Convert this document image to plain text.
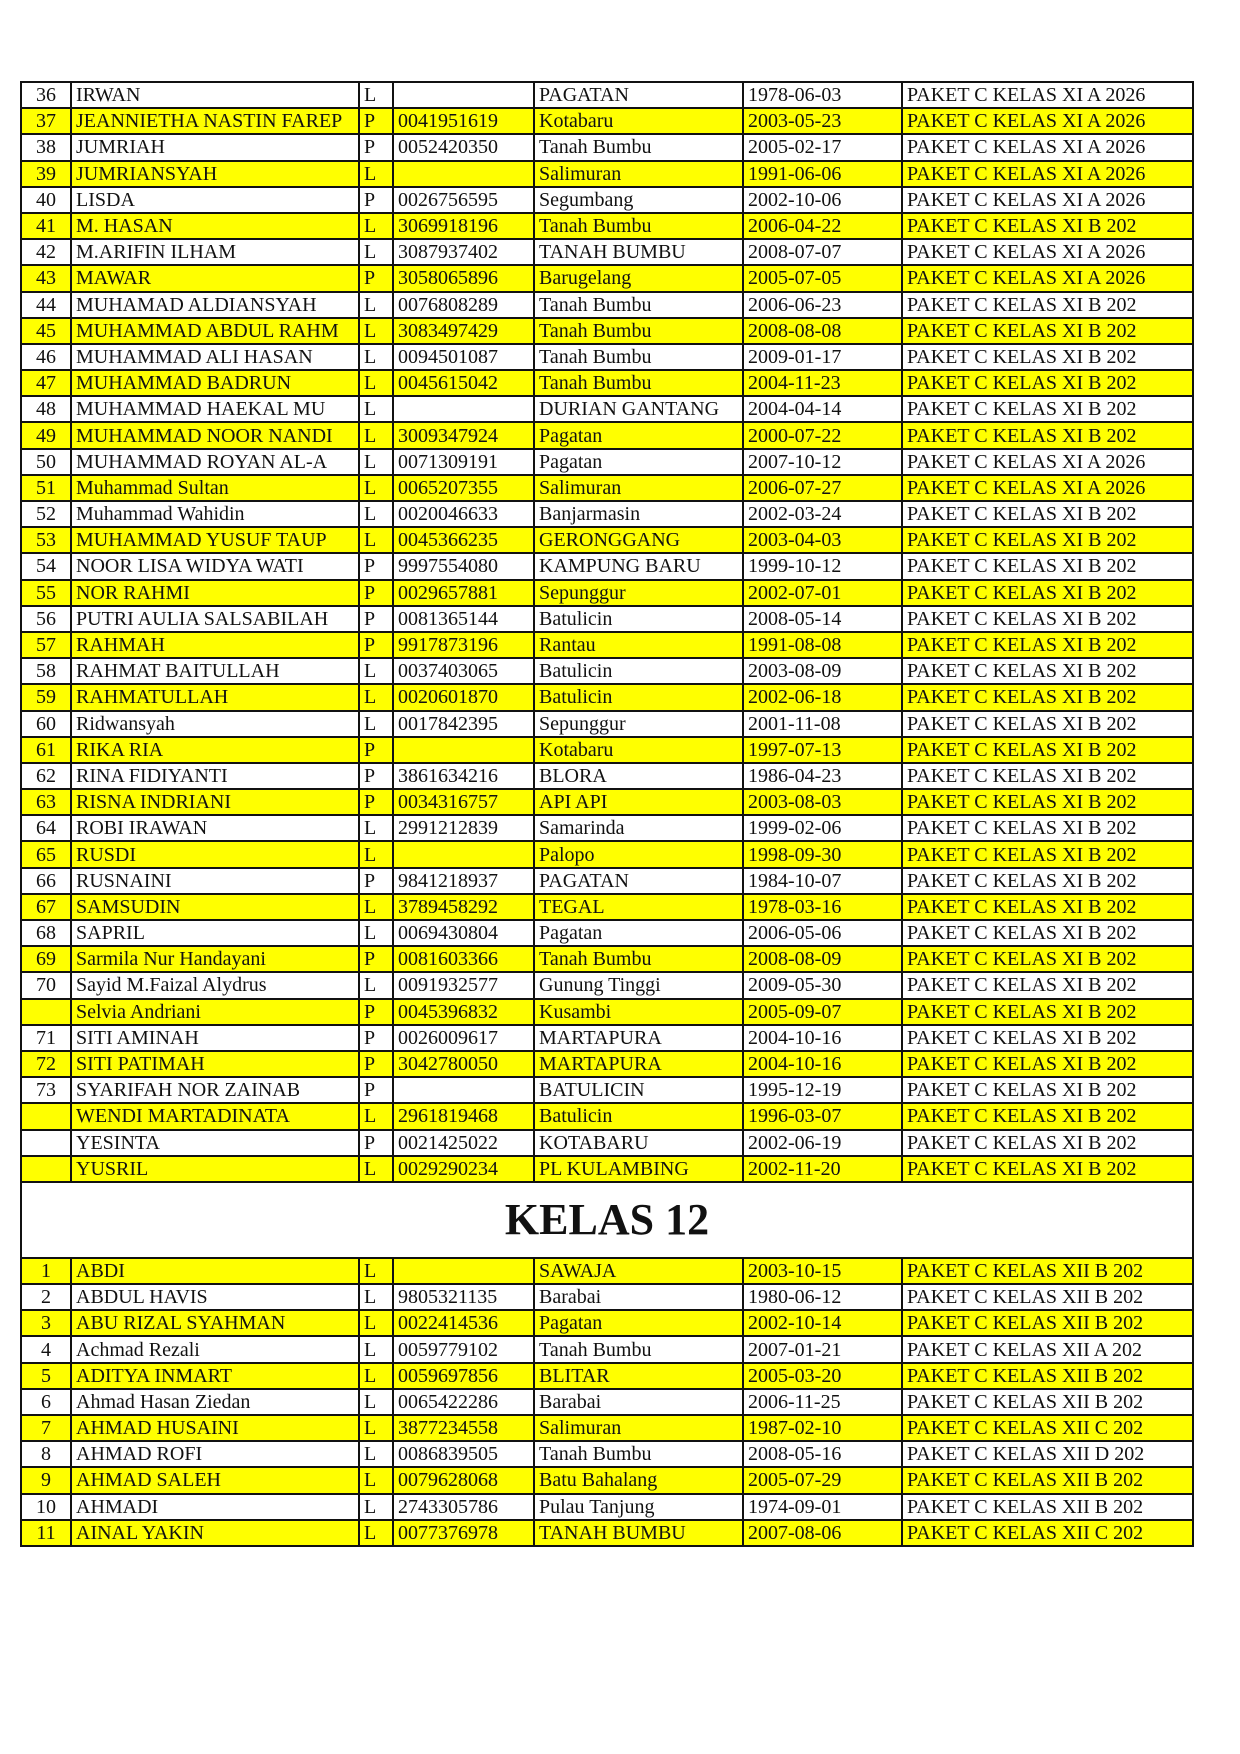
36	IRWAN	L		PAGATAN	1978-06-03	PAKET C KELAS XI A 2026
37	JEANNIETHA NASTIN FAREP	P	0041951619	Kotabaru	2003-05-23	PAKET C KELAS XI A 2026
38	JUMRIAH	P	0052420350	Tanah Bumbu	2005-02-17	PAKET C KELAS XI A 2026
39	JUMRIANSYAH	L		Salimuran	1991-06-06	PAKET C KELAS XI A 2026
40	LISDA	P	0026756595	Segumbang	2002-10-06	PAKET C KELAS XI A 2026
41	M. HASAN	L	3069918196	Tanah Bumbu	2006-04-22	PAKET C KELAS XI B 202
42	M.ARIFIN ILHAM	L	3087937402	TANAH BUMBU	2008-07-07	PAKET C KELAS XI A 2026
43	MAWAR	P	3058065896	Barugelang	2005-07-05	PAKET C KELAS XI A 2026
44	MUHAMAD ALDIANSYAH	L	0076808289	Tanah Bumbu	2006-06-23	PAKET C KELAS XI B 202
45	MUHAMMAD ABDUL RAHM	L	3083497429	Tanah Bumbu	2008-08-08	PAKET C KELAS XI B 202
46	MUHAMMAD ALI HASAN	L	0094501087	Tanah Bumbu	2009-01-17	PAKET C KELAS XI B 202
47	MUHAMMAD BADRUN	L	0045615042	Tanah Bumbu	2004-11-23	PAKET C KELAS XI B 202
48	MUHAMMAD HAEKAL MU	L		DURIAN GANTANG	2004-04-14	PAKET C KELAS XI B 202
49	MUHAMMAD NOOR NANDI	L	3009347924	Pagatan	2000-07-22	PAKET C KELAS XI B 202
50	MUHAMMAD ROYAN AL-A	L	0071309191	Pagatan	2007-10-12	PAKET C KELAS XI A 2026
51	Muhammad Sultan	L	0065207355	Salimuran	2006-07-27	PAKET C KELAS XI A 2026
52	Muhammad Wahidin	L	0020046633	Banjarmasin	2002-03-24	PAKET C KELAS XI B 202
53	MUHAMMAD YUSUF TAUP	L	0045366235	GERONGGANG	2003-04-03	PAKET C KELAS XI B 202
54	NOOR LISA WIDYA WATI	P	9997554080	KAMPUNG BARU	1999-10-12	PAKET C KELAS XI B 202
55	NOR RAHMI	P	0029657881	Sepunggur	2002-07-01	PAKET C KELAS XI B 202
56	PUTRI AULIA SALSABILAH	P	0081365144	Batulicin	2008-05-14	PAKET C KELAS XI B 202
57	RAHMAH	P	9917873196	Rantau	1991-08-08	PAKET C KELAS XI B 202
58	RAHMAT BAITULLAH	L	0037403065	Batulicin	2003-08-09	PAKET C KELAS XI B 202
59	RAHMATULLAH	L	0020601870	Batulicin	2002-06-18	PAKET C KELAS XI B 202
60	Ridwansyah	L	0017842395	Sepunggur	2001-11-08	PAKET C KELAS XI B 202
61	RIKA RIA	P		Kotabaru	1997-07-13	PAKET C KELAS XI B 202
62	RINA FIDIYANTI	P	3861634216	BLORA	1986-04-23	PAKET C KELAS XI B 202
63	RISNA INDRIANI	P	0034316757	API API	2003-08-03	PAKET C KELAS XI B 202
64	ROBI IRAWAN	L	2991212839	Samarinda	1999-02-06	PAKET C KELAS XI B 202
65	RUSDI	L		Palopo	1998-09-30	PAKET C KELAS XI B 202
66	RUSNAINI	P	9841218937	PAGATAN	1984-10-07	PAKET C KELAS XI B 202
67	SAMSUDIN	L	3789458292	TEGAL	1978-03-16	PAKET C KELAS XI B 202
68	SAPRIL	L	0069430804	Pagatan	2006-05-06	PAKET C KELAS XI B 202
69	Sarmila Nur Handayani	P	0081603366	Tanah Bumbu	2008-08-09	PAKET C KELAS XI B 202
70	Sayid M.Faizal Alydrus	L	0091932577	Gunung Tinggi	2009-05-30	PAKET C KELAS XI B 202
	Selvia Andriani	P	0045396832	Kusambi	2005-09-07	PAKET C KELAS XI B 202
71	SITI AMINAH	P	0026009617	MARTAPURA	2004-10-16	PAKET C KELAS XI B 202
72	SITI PATIMAH	P	3042780050	MARTAPURA	2004-10-16	PAKET C KELAS XI B 202
73	SYARIFAH NOR ZAINAB	P		BATULICIN	1995-12-19	PAKET C KELAS XI B 202
	WENDI MARTADINATA	L	2961819468	Batulicin	1996-03-07	PAKET C KELAS XI B 202
	YESINTA	P	0021425022	KOTABARU	2002-06-19	PAKET C KELAS XI B 202
	YUSRIL	L	0029290234	PL KULAMBING	2002-11-20	PAKET C KELAS XI B 202
KELAS 12						
1	ABDI	L		SAWAJA	2003-10-15	PAKET C KELAS XII B 202
2	ABDUL HAVIS	L	9805321135	Barabai	1980-06-12	PAKET C KELAS XII B 202
3	ABU RIZAL SYAHMAN	L	0022414536	Pagatan	2002-10-14	PAKET C KELAS XII B 202
4	Achmad Rezali	L	0059779102	Tanah Bumbu	2007-01-21	PAKET C KELAS XII A 202
5	ADITYA INMART	L	0059697856	BLITAR	2005-03-20	PAKET C KELAS XII B 202
6	Ahmad Hasan Ziedan	L	0065422286	Barabai	2006-11-25	PAKET C KELAS XII B 202
7	AHMAD HUSAINI	L	3877234558	Salimuran	1987-02-10	PAKET C KELAS XII C 202
8	AHMAD ROFI	L	0086839505	Tanah Bumbu	2008-05-16	PAKET C KELAS XII D 202
9	AHMAD SALEH	L	0079628068	Batu Bahalang	2005-07-29	PAKET C KELAS XII B 202
10	AHMADI	L	2743305786	Pulau Tanjung	1974-09-01	PAKET C KELAS XII B 202
11	AINAL YAKIN	L	0077376978	TANAH BUMBU	2007-08-06	PAKET C KELAS XII C 202
